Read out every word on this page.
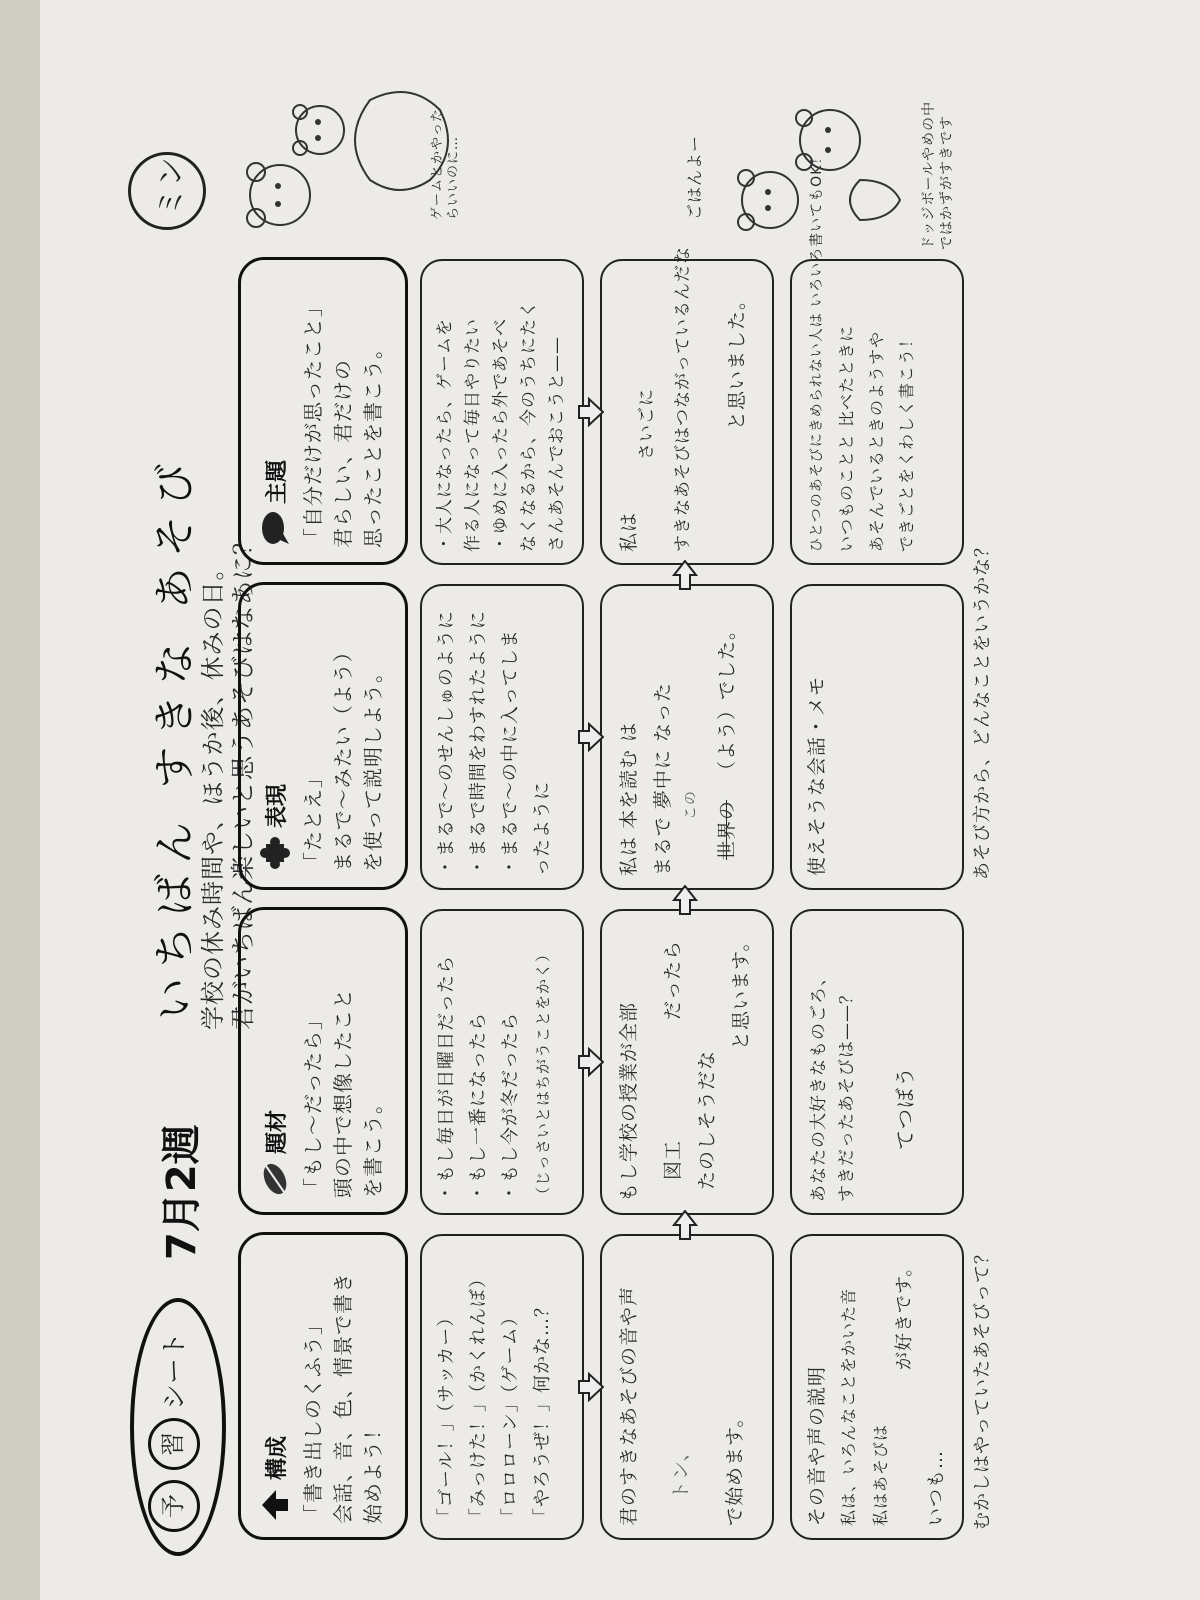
予
習
シート
7月2週
いちばん すきな あそび 学校の休み時間や、ほうか後、休みの日。 君がいちばん楽しいと思うあそびはなあに？
ミン
構成 「書き出しのくふう」 会話、音、色、情景で書き 始めよう！
題材 「もし〜だったら」 頭の中で想像したこと を書こう。
表現 「たとえ」 まるで〜みたい（よう） を使って説明しよう。
主題 「自分だけが思ったこと」 君らしい、君だけの 思ったことを書こう。
ゲームとかやったらいいのに…
「ゴール！」（サッカー） 「みっけた！」（かくれんぼ） 「ロロローン」（ゲーム） 「やろうぜ！」何かな…？
・もし毎日が日曜日だったら ・もし一番になったら ・もし今が冬だったら （じっさいとはちがうことをかく）
・まるで〜のせんしゅのように ・まるで時間をわすれたように ・まるで〜の中に入ってしま ったように
・大人になったら、ゲームを 作る人になって毎日やりたい ・ゆめに入ったら外であそべ なくなるから、今のうちにたく さんあそんでおこうと——
君のすきなあそびの音や声 トン、 で始めます。
もし学校の授業が全部 図工
だったら
たのしそうだな
と思います。
私は 本を読む は まるで 夢中に なった この 世界の
（よう）でした。
私は
さいごに すきなあそびはつながっているんだな と思いました。
その音や声の説明 私は、いろんなことをかいた音 私はあそびは
が好きです。
いつも…
あなたの大好きなものごろ、 すきだったあそびは——？ てつぼう
使えそうな会話・メモ
ひとつのあそびにきめられない人は いろいろ書いてもOK！ いつものことと 比べたときに あそんでいるときのようすや できごとをくわしく書こう！
むかしはやっていたあそびって？
あそび方から、どんなことをいうかな？
ドッジボールやめの中ではかずがすきです
ごはんよー
